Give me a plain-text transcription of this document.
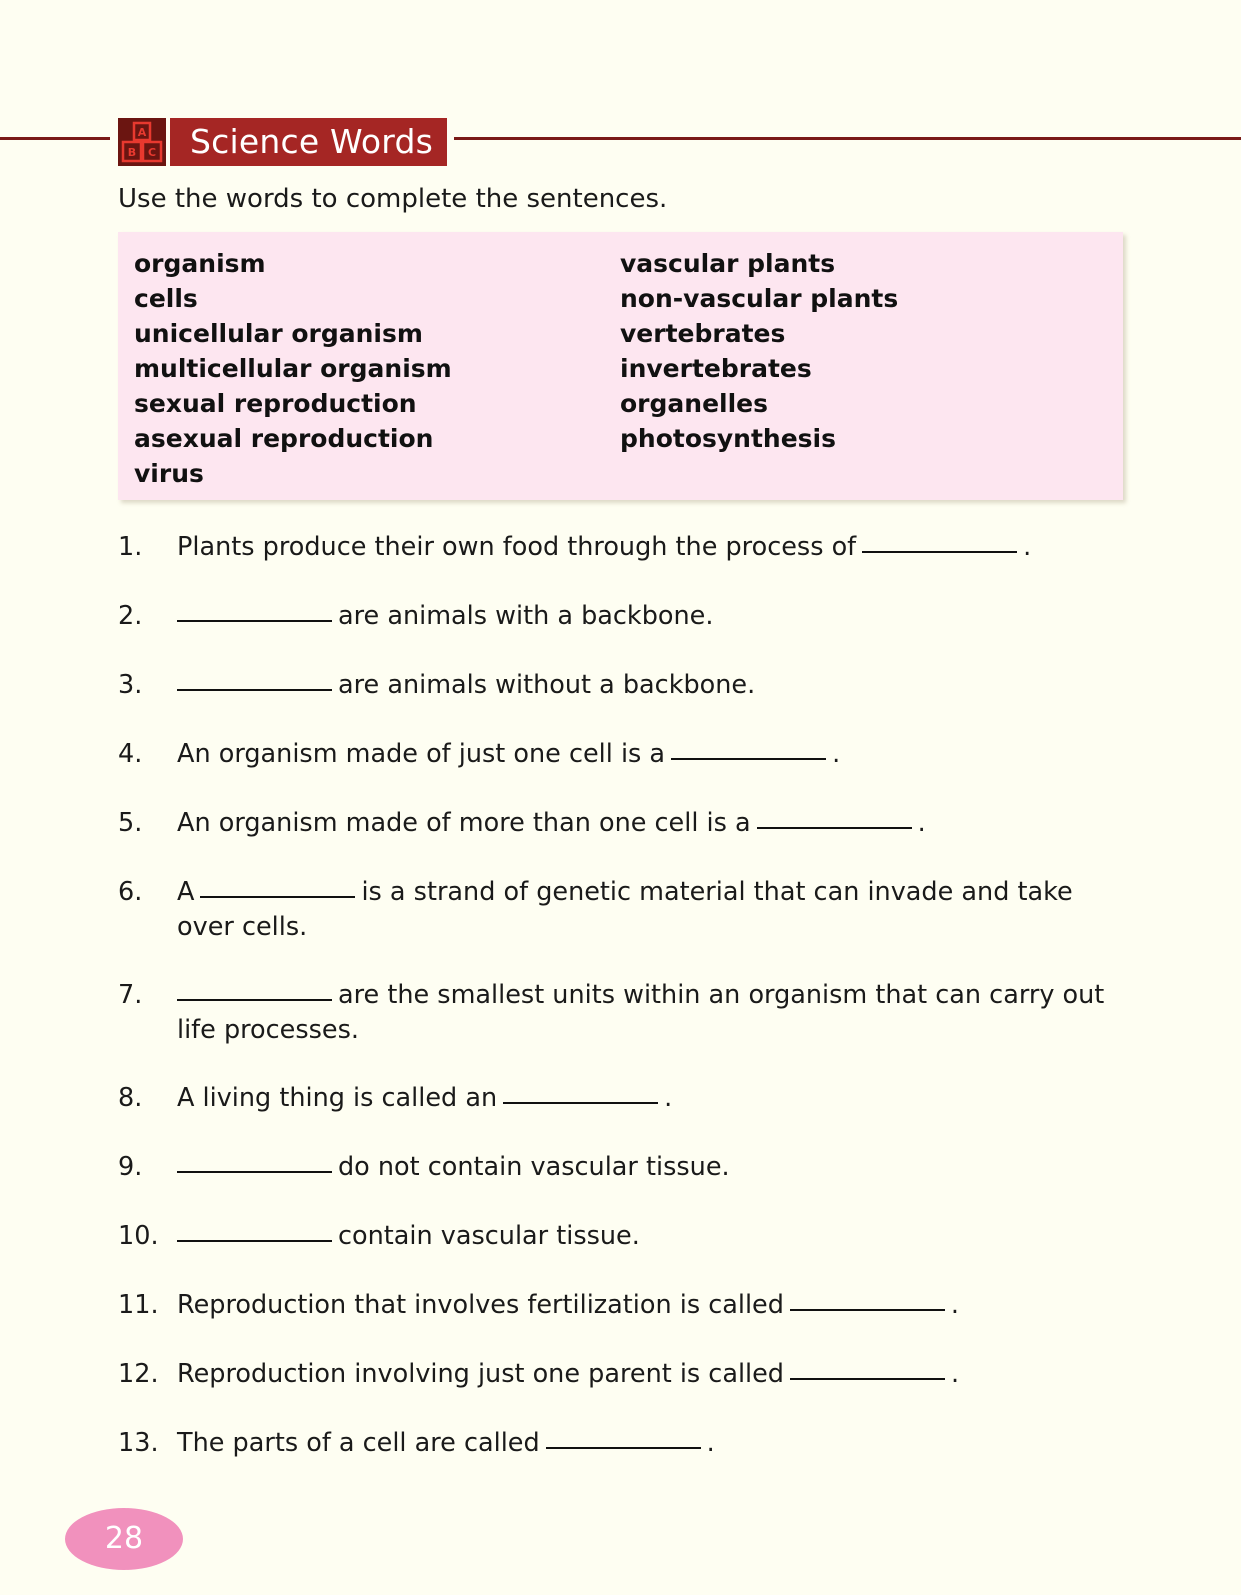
A
B C	Science Words
Use the words to complete the sentences.
organism
cells
unicellular organism
multicellular organism
sexual reproduction
asexual reproduction
virus
vascular plants
non-vascular plants
vertebrates
invertebrates
organelles
photosynthesis
1. Plants produce their own food through the process of	.
2.	are animals with a backbone.
3.	are animals without a backbone.
4. An organism made of just one cell is a	.
5. An organism made of more than one cell is a	.
6. A	is a strand of genetic material that can invade and take over cells.
7.	are the smallest units within an organism that can carry out life processes.
8. A living thing is called an	.
9.	do not contain vascular tissue.
10.	contain vascular tissue.
11. Reproduction that involves fertilization is called	.
12. Reproduction involving just one parent is called	.
13. The parts of a cell are called	.
28
